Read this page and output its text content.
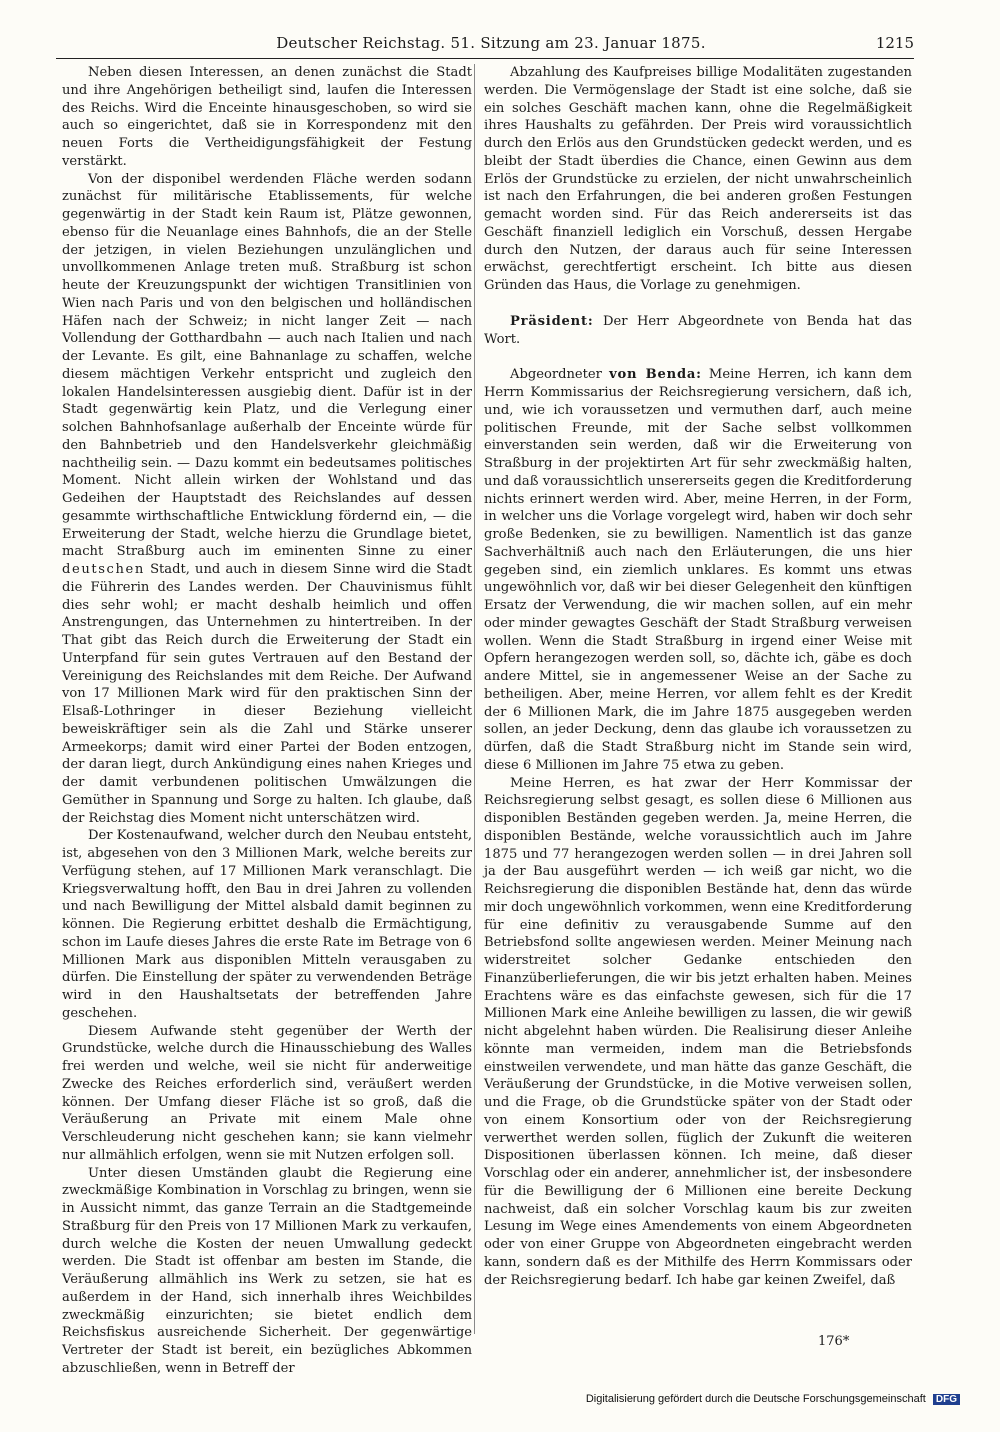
Deutscher Reichstag. 51. Sitzung am 23. Januar 1875.	1215

Neben diesen Interessen, an denen zunächst die Stadt und ihre Angehörigen betheiligt sind, laufen die Interessen des Reichs. Wird die Enceinte hinausgeschoben, so wird sie auch so eingerichtet, daß sie in Korrespondenz mit den neuen Forts die Vertheidigungsfähigkeit der Festung verstärkt.

Von der disponibel werdenden Fläche werden sodann zunächst für militärische Etablissements, für welche gegenwärtig in der Stadt kein Raum ist, Plätze gewonnen, ebenso für die Neuanlage eines Bahnhofs, die an der Stelle der jetzigen, in vielen Beziehungen unzulänglichen und unvollkommenen Anlage treten muß. Straßburg ist schon heute der Kreuzungspunkt der wichtigen Transitlinien von Wien nach Paris und von den belgischen und holländischen Häfen nach der Schweiz; in nicht langer Zeit — nach Vollendung der Gotthardbahn — auch nach Italien und nach der Levante. Es gilt, eine Bahnanlage zu schaffen, welche diesem mächtigen Verkehr entspricht und zugleich den lokalen Handelsinteressen ausgiebig dient. Dafür ist in der Stadt gegenwärtig kein Platz, und die Verlegung einer solchen Bahnhofsanlage außerhalb der Enceinte würde für den Bahnbetrieb und den Handelsverkehr gleichmäßig nachtheilig sein. — Dazu kommt ein bedeutsames politisches Moment. Nicht allein wirken der Wohlstand und das Gedeihen der Hauptstadt des Reichslandes auf dessen gesammte wirthschaftliche Entwicklung fördernd ein, — die Erweiterung der Stadt, welche hierzu die Grundlage bietet, macht Straßburg auch im eminenten Sinne zu einer deutschen Stadt, und auch in diesem Sinne wird die Stadt die Führerin des Landes werden. Der Chauvinismus fühlt dies sehr wohl; er macht deshalb heimlich und offen Anstrengungen, das Unternehmen zu hintertreiben. In der That gibt das Reich durch die Erweiterung der Stadt ein Unterpfand für sein gutes Vertrauen auf den Bestand der Vereinigung des Reichslandes mit dem Reiche. Der Aufwand von 17 Millionen Mark wird für den praktischen Sinn der Elsaß-Lothringer in dieser Beziehung vielleicht beweiskräftiger sein als die Zahl und Stärke unserer Armeekorps; damit wird einer Partei der Boden entzogen, der daran liegt, durch Ankündigung eines nahen Krieges und der damit verbundenen politischen Umwälzungen die Gemüther in Spannung und Sorge zu halten. Ich glaube, daß der Reichstag dies Moment nicht unterschätzen wird.

Der Kostenaufwand, welcher durch den Neubau entsteht, ist, abgesehen von den 3 Millionen Mark, welche bereits zur Verfügung stehen, auf 17 Millionen Mark veranschlagt. Die Kriegsverwaltung hofft, den Bau in drei Jahren zu vollenden und nach Bewilligung der Mittel alsbald damit beginnen zu können. Die Regierung erbittet deshalb die Ermächtigung, schon im Laufe dieses Jahres die erste Rate im Betrage von 6 Millionen Mark aus disponiblen Mitteln verausgaben zu dürfen. Die Einstellung der später zu verwendenden Beträge wird in den Haushaltsetats der betreffenden Jahre geschehen.

Diesem Aufwande steht gegenüber der Werth der Grundstücke, welche durch die Hinausschiebung des Walles frei werden und welche, weil sie nicht für anderweitige Zwecke des Reiches erforderlich sind, veräußert werden können. Der Umfang dieser Fläche ist so groß, daß die Veräußerung an Private mit einem Male ohne Verschleuderung nicht geschehen kann; sie kann vielmehr nur allmählich erfolgen, wenn sie mit Nutzen erfolgen soll.

Unter diesen Umständen glaubt die Regierung eine zweckmäßige Kombination in Vorschlag zu bringen, wenn sie in Aussicht nimmt, das ganze Terrain an die Stadtgemeinde Straßburg für den Preis von 17 Millionen Mark zu verkaufen, durch welche die Kosten der neuen Umwallung gedeckt werden. Die Stadt ist offenbar am besten im Stande, die Veräußerung allmählich ins Werk zu setzen, sie hat es außerdem in der Hand, sich innerhalb ihres Weichbildes zweckmäßig einzurichten; sie bietet endlich dem Reichsfiskus ausreichende Sicherheit. Der gegenwärtige Vertreter der Stadt ist bereit, ein bezügliches Abkommen abzuschließen, wenn in Betreff der

Abzahlung des Kaufpreises billige Modalitäten zugestanden werden. Die Vermögenslage der Stadt ist eine solche, daß sie ein solches Geschäft machen kann, ohne die Regelmäßigkeit ihres Haushalts zu gefährden. Der Preis wird voraussichtlich durch den Erlös aus den Grundstücken gedeckt werden, und es bleibt der Stadt überdies die Chance, einen Gewinn aus dem Erlös der Grundstücke zu erzielen, der nicht unwahrscheinlich ist nach den Erfahrungen, die bei anderen großen Festungen gemacht worden sind. Für das Reich andererseits ist das Geschäft finanziell lediglich ein Vorschuß, dessen Hergabe durch den Nutzen, der daraus auch für seine Interessen erwächst, gerechtfertigt erscheint. Ich bitte aus diesen Gründen das Haus, die Vorlage zu genehmigen.

Präsident: Der Herr Abgeordnete von Benda hat das Wort.

Abgeordneter von Benda: Meine Herren, ich kann dem Herrn Kommissarius der Reichsregierung versichern, daß ich, und, wie ich voraussetzen und vermuthen darf, auch meine politischen Freunde, mit der Sache selbst vollkommen einverstanden sein werden, daß wir die Erweiterung von Straßburg in der projektirten Art für sehr zweckmäßig halten, und daß voraussichtlich unsererseits gegen die Kreditforderung nichts erinnert werden wird. Aber, meine Herren, in der Form, in welcher uns die Vorlage vorgelegt wird, haben wir doch sehr große Bedenken, sie zu bewilligen. Namentlich ist das ganze Sachverhältniß auch nach den Erläuterungen, die uns hier gegeben sind, ein ziemlich unklares. Es kommt uns etwas ungewöhnlich vor, daß wir bei dieser Gelegenheit den künftigen Ersatz der Verwendung, die wir machen sollen, auf ein mehr oder minder gewagtes Geschäft der Stadt Straßburg verweisen wollen. Wenn die Stadt Straßburg in irgend einer Weise mit Opfern herangezogen werden soll, so, dächte ich, gäbe es doch andere Mittel, sie in angemessener Weise an der Sache zu betheiligen. Aber, meine Herren, vor allem fehlt es der Kredit der 6 Millionen Mark, die im Jahre 1875 ausgegeben werden sollen, an jeder Deckung, denn das glaube ich voraussetzen zu dürfen, daß die Stadt Straßburg nicht im Stande sein wird, diese 6 Millionen im Jahre 75 etwa zu geben.

Meine Herren, es hat zwar der Herr Kommissar der Reichsregierung selbst gesagt, es sollen diese 6 Millionen aus disponiblen Beständen gegeben werden. Ja, meine Herren, die disponiblen Bestände, welche voraussichtlich auch im Jahre 1875 und 77 herangezogen werden sollen — in drei Jahren soll ja der Bau ausgeführt werden — ich weiß gar nicht, wo die Reichsregierung die disponiblen Bestände hat, denn das würde mir doch ungewöhnlich vorkommen, wenn eine Kreditforderung für eine definitiv zu verausgabende Summe auf den Betriebsfond sollte angewiesen werden. Meiner Meinung nach widerstreitet solcher Gedanke entschieden den Finanzüberlieferungen, die wir bis jetzt erhalten haben. Meines Erachtens wäre es das einfachste gewesen, sich für die 17 Millionen Mark eine Anleihe bewilligen zu lassen, die wir gewiß nicht abgelehnt haben würden. Die Realisirung dieser Anleihe könnte man vermeiden, indem man die Betriebsfonds einstweilen verwendete, und man hätte das ganze Geschäft, die Veräußerung der Grundstücke, in die Motive verweisen sollen, und die Frage, ob die Grundstücke später von der Stadt oder von einem Konsortium oder von der Reichsregierung verwerthet werden sollen, füglich der Zukunft die weiteren Dispositionen überlassen können. Ich meine, daß dieser Vorschlag oder ein anderer, annehmlicher ist, der insbesondere für die Bewilligung der 6 Millionen eine bereite Deckung nachweist, daß ein solcher Vorschlag kaum bis zur zweiten Lesung im Wege eines Amendements von einem Abgeordneten oder von einer Gruppe von Abgeordneten eingebracht werden kann, sondern daß es der Mithilfe des Herrn Kommissars oder der Reichsregierung bedarf. Ich habe gar keinen Zweifel, daß

176*
Digitalisierung gefördert durch die Deutsche Forschungsgemeinschaft DFG
